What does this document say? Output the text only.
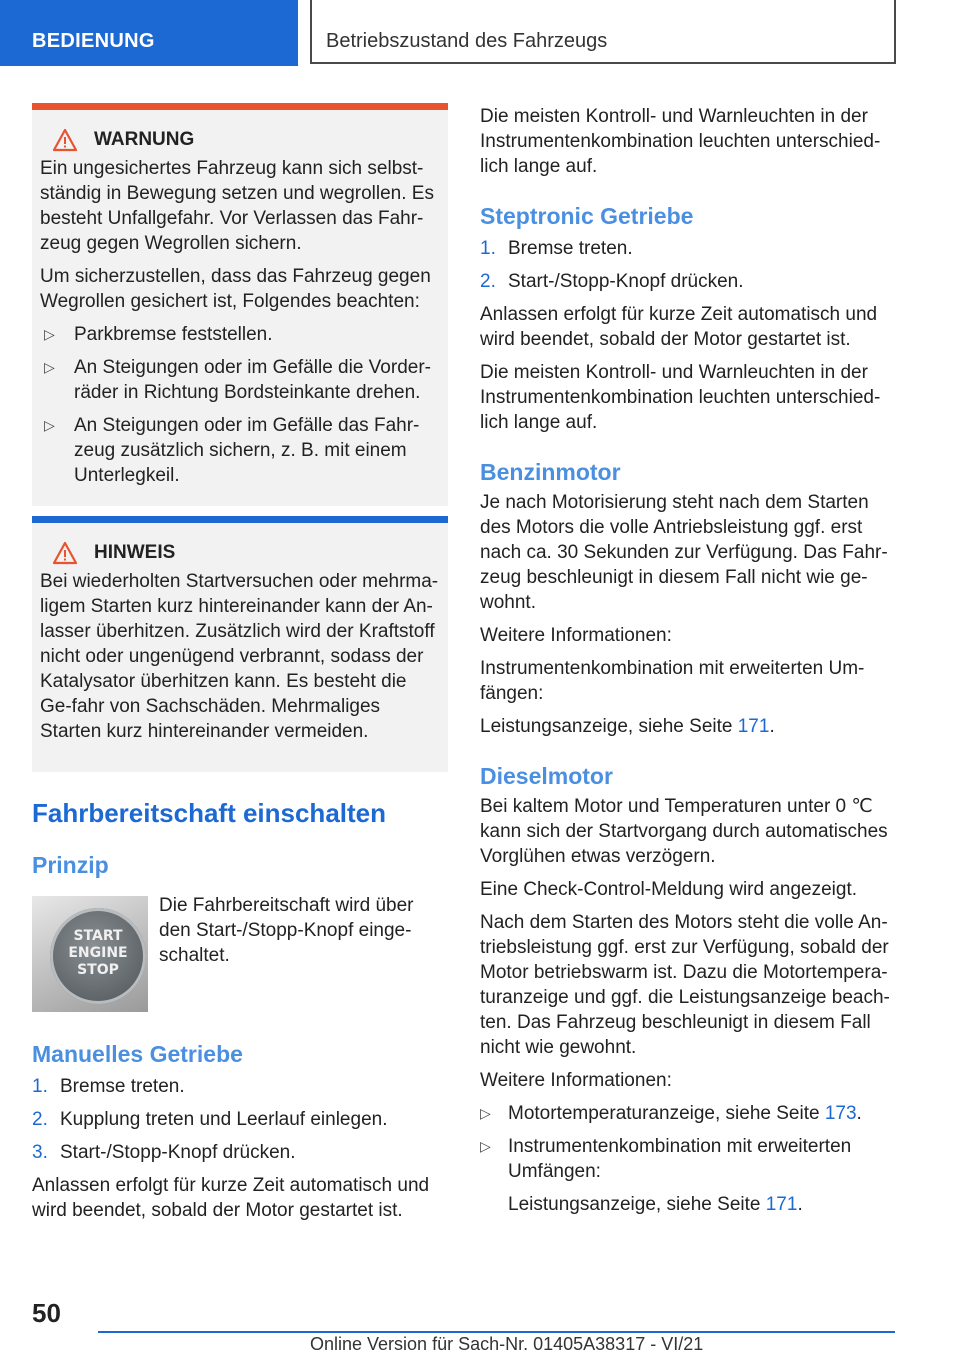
BEDIENUNG	Betriebszustand des Fahrzeugs
WARNUNG

Ein ungesichertes Fahrzeug kann sich selbst-ständig in Bewegung setzen und wegrollen. Es besteht Unfallgefahr. Vor Verlassen das Fahr-zeug gegen Wegrollen sichern.

Um sicherzustellen, dass das Fahrzeug gegen Wegrollen gesichert ist, Folgendes beachten:

▷ Parkbremse feststellen.
▷ An Steigungen oder im Gefälle die Vorder-räder in Richtung Bordsteinkante drehen.
▷ An Steigungen oder im Gefälle das Fahr-zeug zusätzlich sichern, z. B. mit einem Unterlegkeil.
HINWEIS

Bei wiederholten Startversuchen oder mehrma-ligem Starten kurz hintereinander kann der An-lasser überhitzen. Zusätzlich wird der Kraftstoff nicht oder ungenügend verbrannt, sodass der Katalysator überhitzen kann. Es besteht die Ge-fahr von Sachschäden. Mehrmaliges Starten kurz hintereinander vermeiden.

Fahrbereitschaft einschalten
Prinzip
START
ENGINE
STOP

Die Fahrbereitschaft wird über den Start-/Stopp-Knopf einge-schaltet.

Manuelles Getriebe
1. Bremse treten.
2. Kupplung treten und Leerlauf einlegen.
3. Start-/Stopp-Knopf drücken.

Anlassen erfolgt für kurze Zeit automatisch und wird beendet, sobald der Motor gestartet ist.

Die meisten Kontroll- und Warnleuchten in der Instrumentenkombination leuchten unterschied-lich lange auf.

Steptronic Getriebe
1. Bremse treten.
2. Start-/Stopp-Knopf drücken.

Anlassen erfolgt für kurze Zeit automatisch und wird beendet, sobald der Motor gestartet ist.

Die meisten Kontroll- und Warnleuchten in der Instrumentenkombination leuchten unterschied-lich lange auf.

Benzinmotor

Je nach Motorisierung steht nach dem Starten des Motors die volle Antriebsleistung ggf. erst nach ca. 30 Sekunden zur Verfügung. Das Fahr-zeug beschleunigt in diesem Fall nicht wie ge-wohnt.

Weitere Informationen:

Instrumentenkombination mit erweiterten Um-fängen:

Leistungsanzeige, siehe Seite 171.

Dieselmotor

Bei kaltem Motor und Temperaturen unter 0 ℃ kann sich der Startvorgang durch automatisches Vorglühen etwas verzögern.

Eine Check-Control-Meldung wird angezeigt.

Nach dem Starten des Motors steht die volle An-triebsleistung ggf. erst zur Verfügung, sobald der Motor betriebswarm ist. Dazu die Motortempera-turanzeige und ggf. die Leistungsanzeige beach-ten. Das Fahrzeug beschleunigt in diesem Fall nicht wie gewohnt.

Weitere Informationen:

▷ Motortemperaturanzeige, siehe Seite 173.
▷ Instrumentenkombination mit erweiterten Umfängen:
Leistungsanzeige, siehe Seite 171.
50
Online Version für Sach-Nr. 01405A38317 - VI/21
